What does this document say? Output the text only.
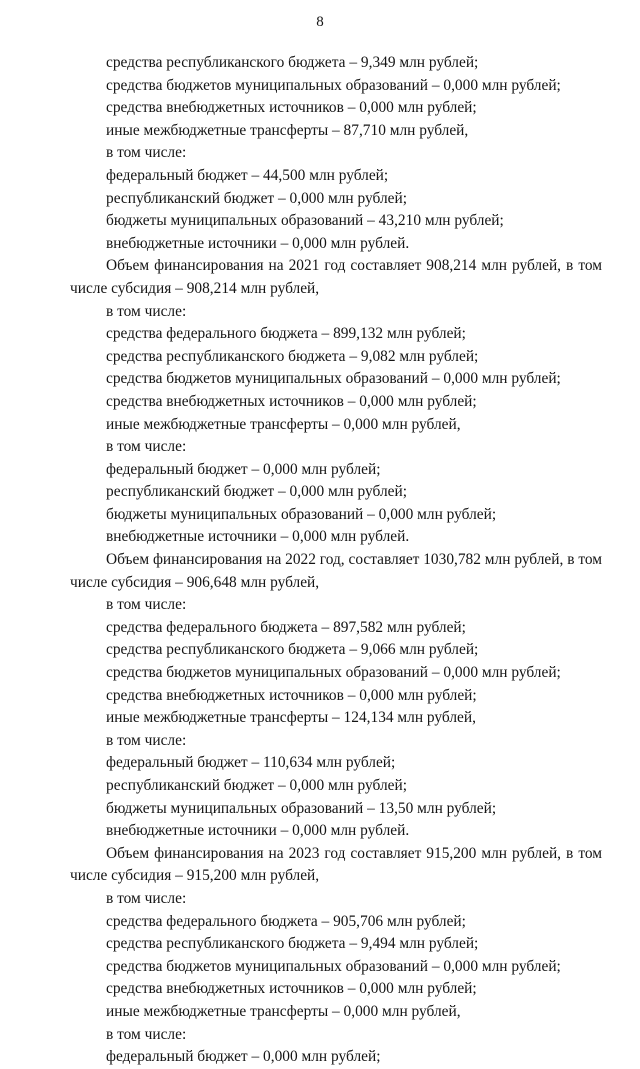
8
средства республиканского бюджета – 9,349 млн рублей;
средства бюджетов муниципальных образований – 0,000 млн рублей;
средства внебюджетных источников – 0,000 млн рублей;
иные межбюджетные трансферты – 87,710 млн рублей,
в том числе:
федеральный бюджет – 44,500 млн рублей;
республиканский бюджет – 0,000 млн рублей;
бюджеты муниципальных образований – 43,210 млн рублей;
внебюджетные источники – 0,000 млн рублей.
Объем финансирования на 2021 год составляет 908,214 млн рублей, в том
числе субсидия – 908,214 млн рублей,
в том числе:
средства федерального бюджета – 899,132 млн рублей;
средства республиканского бюджета – 9,082 млн рублей;
средства бюджетов муниципальных образований – 0,000 млн рублей;
средства внебюджетных источников – 0,000 млн рублей;
иные межбюджетные трансферты – 0,000 млн рублей,
в том числе:
федеральный бюджет – 0,000 млн рублей;
республиканский бюджет – 0,000 млн рублей;
бюджеты муниципальных образований – 0,000 млн рублей;
внебюджетные источники – 0,000 млн рублей.
Объем финансирования на 2022 год, составляет 1030,782 млн рублей, в том
числе субсидия – 906,648 млн рублей,
в том числе:
средства федерального бюджета – 897,582 млн рублей;
средства республиканского бюджета – 9,066 млн рублей;
средства бюджетов муниципальных образований – 0,000 млн рублей;
средства внебюджетных источников – 0,000 млн рублей;
иные межбюджетные трансферты – 124,134 млн рублей,
в том числе:
федеральный бюджет – 110,634 млн рублей;
республиканский бюджет – 0,000 млн рублей;
бюджеты муниципальных образований – 13,50 млн рублей;
внебюджетные источники – 0,000 млн рублей.
Объем финансирования на 2023 год составляет 915,200 млн рублей, в том
числе субсидия – 915,200 млн рублей,
в том числе:
средства федерального бюджета – 905,706 млн рублей;
средства республиканского бюджета – 9,494 млн рублей;
средства бюджетов муниципальных образований – 0,000 млн рублей;
средства внебюджетных источников – 0,000 млн рублей;
иные межбюджетные трансферты – 0,000 млн рублей,
в том числе:
федеральный бюджет – 0,000 млн рублей;
